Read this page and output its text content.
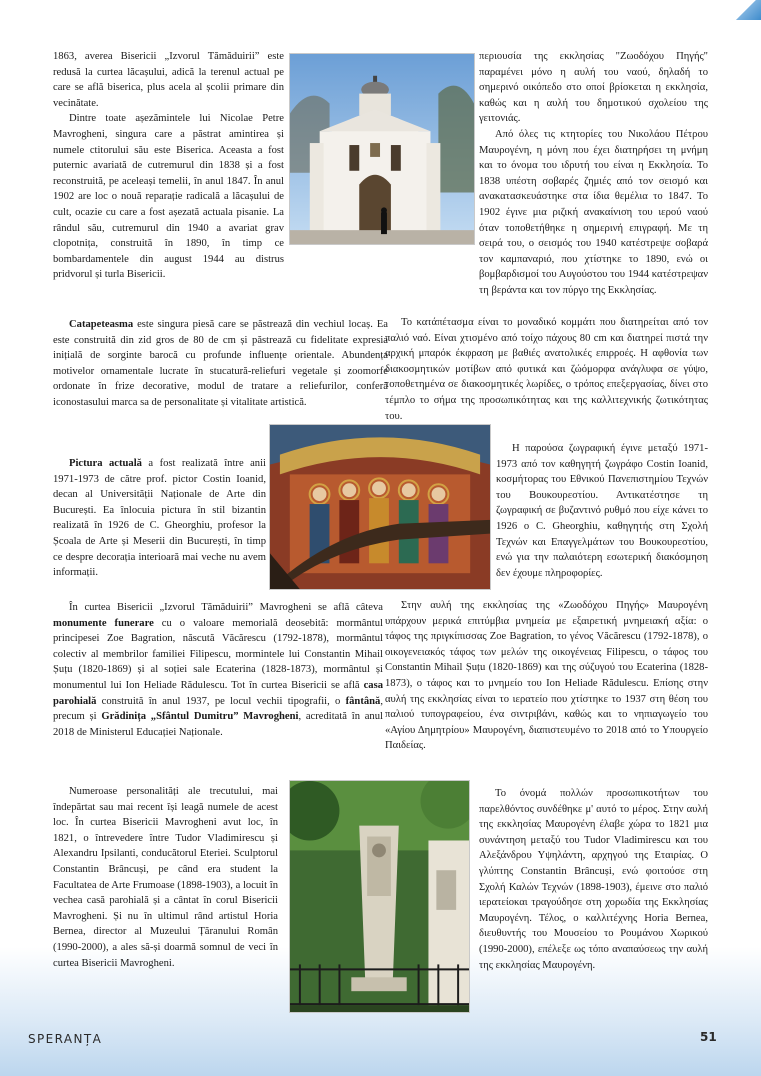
1863, averea Bisericii „Izvorul Tămăduirii” este redusă la curtea lăcașului, adică la terenul actual pe care se află biserica, plus acela al școlii primare din vecinătate.

Dintre toate așezămintele lui Nicolae Petre Mavrogheni, singura care a păstrat amintirea și numele ctitorului său este Biserica. Aceasta a fost puternic avariată de cutremurul din 1838 și a fost reconstruită, pe aceleași temelii, în anul 1847. În anul 1902 are loc o nouă reparație radicală a lăcașului de cult, ocazie cu care a fost așezată actuala pisanie. La rândul său, cutremurul din 1940 a avariat grav clopotnița, construită în 1890, în timp ce bombardamentele din august 1944 au distrus pridvorul și turla Bisericii.

Catapeteasma este singura piesă care se păstrează din vechiul locaș. Ea este construită din zid gros de 80 de cm și păstrează cu fidelitate expresia inițială de sorginte barocă cu profunde influențe orientale. Abundența motivelor ornamentale lucrate în stucatură-reliefuri vegetale și zoomorfe ordonate în frize decorative, modul de tratare a reliefurilor, conferă iconostasului marca sa de personalitate și vitalitate artistică.

Pictura actuală a fost realizată între anii 1971-1973 de către prof. pictor Costin Ioanid, decan al Universității Naționale de Arte din București. Ea înlocuia pictura în stil bizantin realizată în 1926 de C. Gheorghiu, profesor la Școala de Arte și Meserii din București, în timp ce despre decorația interioară mai veche nu avem informații.

În curtea Bisericii „Izvorul Tămăduirii” Mavrogheni se află câteva monumente funerare cu o valoare memorială deosebită: mormântul principesei Zoe Bagration, născută Văcărescu (1792-1878), mormântul colectiv al membrilor familiei Filipescu, mormintele lui Constantin Mihail Șuțu (1820-1869) și al soției sale Ecaterina (1828-1873), mormântul și monumentul lui Ion Heliade Rădulescu. Tot în curtea Bisericii se află casa parohială construită în anul 1937, pe locul vechii tipografii, o fântână, precum și Grădinița „Sfântul Dumitru” Mavrogheni, acreditată în anul 2018 de Ministerul Educației Naționale.

Numeroase personalități ale trecutului, mai îndepărtat sau mai recent își leagă numele de acest loc. În curtea Bisericii Mavrogheni avut loc, în 1821, o întrevedere între Tudor Vladimirescu și Alexandru Ipsilanti, conducătorul Eteriei. Sculptorul Constantin Brâncuși, pe când era student la Facultatea de Arte Frumoase (1898-1903), a locuit în vechea casă parohială și a cântat în corul Bisericii Mavrogheni. Și nu în ultimul rând artistul Horia Bernea, director al Muzeului Țăranului Român (1990-2000), a ales să-și doarmă somnul de veci în curtea Bisericii Mavrogheni.

περιουσία της εκκλησίας "Ζωοδόχου Πηγής" παραμένει μόνο η αυλή του ναού, δηλαδή το σημερινό οικόπεδο στο οποί βρίσκεται η εκκλησία, καθώς και η αυλή του δημοτικού σχολείου της γειτονιάς.

Από όλες τις κτητορίες του Νικολάου Πέτρου Μαυρογένη, η μόνη που έχει διατηρήσει τη μνήμη και το όνομα του ιδρυτή του είναι η Εκκλησία. Το 1838 υπέστη σοβαρές ζημιές από τον σεισμό και ανακατασκευάστηκε στα ίδια θεμέλια το 1847. Το 1902 έγινε μια ριζική ανακαίνιση του ιερού ναού όταν τοποθετήθηκε η σημερινή επιγραφή. Με τη σειρά του, ο σεισμός του 1940 κατέστρεψε σοβαρά τον καμπαναριό, που χτίστηκε το 1890, ενώ οι βομβαρδισμοί του Αυγούστου του 1944 κατέστρεψαν τη βεράντα και τον πύργο της Εκκλησίας.

Το κατάπέτασμα είναι το μοναδικό κομμάτι που διατηρείται από τον παλιό ναό. Είναι χτισμένο από τοίχο πάχους 80 cm και διατηρεί πιστά την αρχική μπαρόκ έκφραση με βαθιές ανατολικές επιρροές. Η αφθονία των διακοσμητικών μοτίβων από φυτικά και ζώόμορφα ανάγλυφα σε γύψο, τοποθετημένα σε διακοσμητικές λωρίδες, ο τρόπος επεξεργασίας, δίνει στο τέμπλο το σήμα της προσωπικότητας και της καλλιτεχνικής ζωτικότητας του.

Η παρούσα ζωγραφική έγινε μεταξύ 1971-1973 από τον καθηγητή ζωγράφο Costin Ioanid, κοσμήτορας του Εθνικού Πανεπιστημίου Τεχνών του Βουκουρεστίου. Αντικατέστησε τη ζωγραφική σε βυζαντινό ρυθμό που είχε κάνει το 1926 ο C. Gheorghiu, καθηγητής στη Σχολή Τεχνών και Επαγγελμάτων του Βουκουρεστίου, ενώ για την παλαιότερη εσωτερική διακόσμηση δεν έχουμε πληροφορίες.

Στην αυλή της εκκλησίας της «Ζωοδόχου Πηγής» Μαυρογένη υπάρχουν μερικά επιτύμβια μνημεία με εξαιρετική μνημειακή αξία: ο τάφος της πριγκίπισσας Zoe Bagration, το γένος Văcărescu (1792-1878), ο οικογενειακός τάφος των μελών της οικογένειας Filipescu, ο τάφος του Constantin Mihail Șuțu (1820-1869) και της σύζυγού του Ecaterina (1828-1873), ο τάφος και το μνημείο του Ion Heliade Rădulescu. Επίσης στην αυλή της εκκλησίας είναι το ιερατείο που χτίστηκε το 1937 στη θέση του παλιού τυπογραφείου, ένα σιντριβάνι, καθώς και το νηπιαγωγείο του «Αγίου Δημητρίου» Μαυρογένη, διαπιστευμένο το 2018 από το Υπουργείο Παιδείας.

Το όνομά πολλών προσωπικοτήτων του παρελθόντος συνδέθηκε μ' αυτό το μέρος. Στην αυλή της εκκλησίας Μαυρογένη έλαβε χώρα το 1821 μια συνάντηση μεταξύ του Tudor Vladimirescu και του Αλεξάνδρου Υψηλάντη, αρχηγού της Εταιρίας. Ο γλύπτης Constantin Brâncuși, ενώ φοιτούσε στη Σχολή Καλών Τεχνών (1898-1903), έμεινε στο παλιό ιερατείοκαι τραγούδησε στη χορωδία της Εκκλησίας Μαυρογένη. Τέλος, ο καλλιτέχνης Horia Bernea, διευθυντής του Μουσείου το Ρουμάνου Χωρικού (1990-2000), επέλεξε ως τόπο αναπαύσεως την αυλή της εκκλησίας Μαυρογένη.

SPERANȚA	51
